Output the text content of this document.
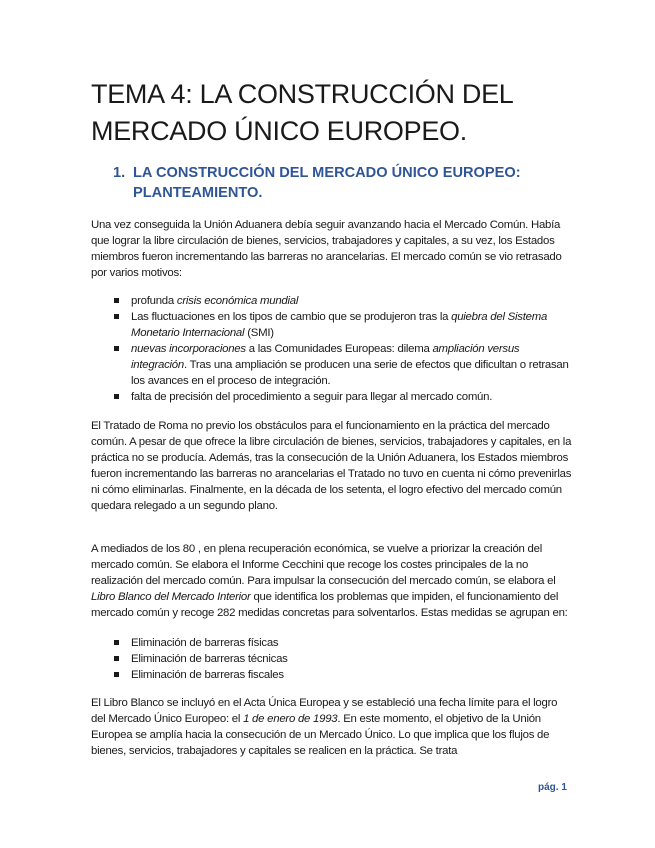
TEMA 4: LA CONSTRUCCIÓN DEL MERCADO ÚNICO EUROPEO.
1. LA CONSTRUCCIÓN DEL MERCADO ÚNICO EUROPEO: PLANTEAMIENTO.

Una vez conseguida la Unión Aduanera debía seguir avanzando hacia el Mercado Común. Había que lograr la libre circulación de bienes, servicios, trabajadores y capitales, a su vez, los Estados miembros fueron incrementando las barreras no arancelarias. El mercado común se vio retrasado por varios motivos:

profunda crisis económica mundial
Las fluctuaciones en los tipos de cambio que se produjeron tras la quiebra del Sistema Monetario Internacional (SMI)
nuevas incorporaciones a las Comunidades Europeas: dilema ampliación versus integración. Tras una ampliación se producen una serie de efectos que dificultan o retrasan los avances en el proceso de integración.
falta de precisión del procedimiento a seguir para llegar al mercado común.

El Tratado de Roma no previo los obstáculos para el funcionamiento en la práctica del mercado común. A pesar de que ofrece la libre circulación de bienes, servicios, trabajadores y capitales, en la práctica no se producía. Además, tras la consecución de la Unión Aduanera, los Estados miembros fueron incrementando las barreras no arancelarias el Tratado no tuvo en cuenta ni cómo prevenirlas ni cómo eliminarlas. Finalmente, en la década de los setenta, el logro efectivo del mercado común quedara relegado a un segundo plano.

A mediados de los 80 , en plena recuperación económica, se vuelve a priorizar la creación del mercado común. Se elabora el Informe Cecchini que recoge los costes principales de la no realización del mercado común. Para impulsar la consecución del mercado común, se elabora el Libro Blanco del Mercado Interior que identifica los problemas que impiden, el funcionamiento del mercado común y recoge 282 medidas concretas para solventarlos. Estas medidas se agrupan en:

Eliminación de barreras físicas
Eliminación de barreras técnicas
Eliminación de barreras fiscales

El Libro Blanco se incluyó en el Acta Única Europea y se estableció una fecha límite para el logro del Mercado Único Europeo: el 1 de enero de 1993. En este momento, el objetivo de la Unión Europea se amplía hacia la consecución de un Mercado Único. Lo que implica que los flujos de bienes, servicios, trabajadores y capitales se realicen en la práctica. Se trata

pág. 1
